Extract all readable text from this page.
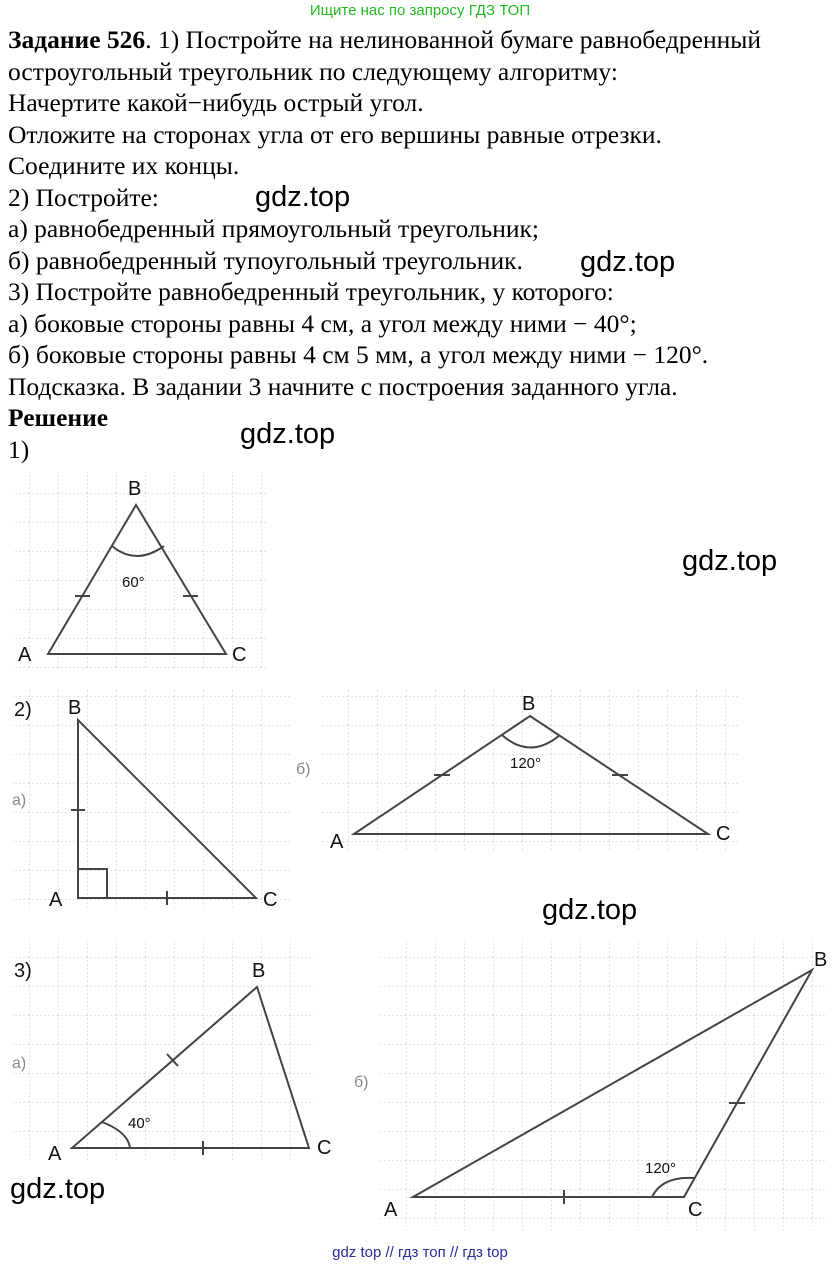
Ищите нас по запросу ГДЗ ТОП
Задание 526. 1) Постройте на нелинованной бумаге равнобедренный
остроугольный треугольник по следующему алгоритму:
Начертите какой−нибудь острый угол.
Отложите на сторонах угла от его вершины равные отрезки.
Соедините их концы.
2) Постройте:
а) равнобедренный прямоугольный треугольник;
б) равнобедренный тупоугольный треугольник.
3) Постройте равнобедренный треугольник, у которого:
а) боковые стороны равны 4 см, а угол между ними − 40°;
б) боковые стороны равны 4 см 5 мм, а угол между ними − 120°.
Подсказка. В задании 3 начните с построения заданного угла.
Решение
1)
gdz.top
gdz.top
gdz.top
gdz.top
gdz.top
gdz.top
A
B
C
60°
2)
а)
A
B
C
б)
A
B
C
120°
3)
а)
A
B
C
40°
б)
A
B
C
120°
gdz top // гдз топ // гдз top
